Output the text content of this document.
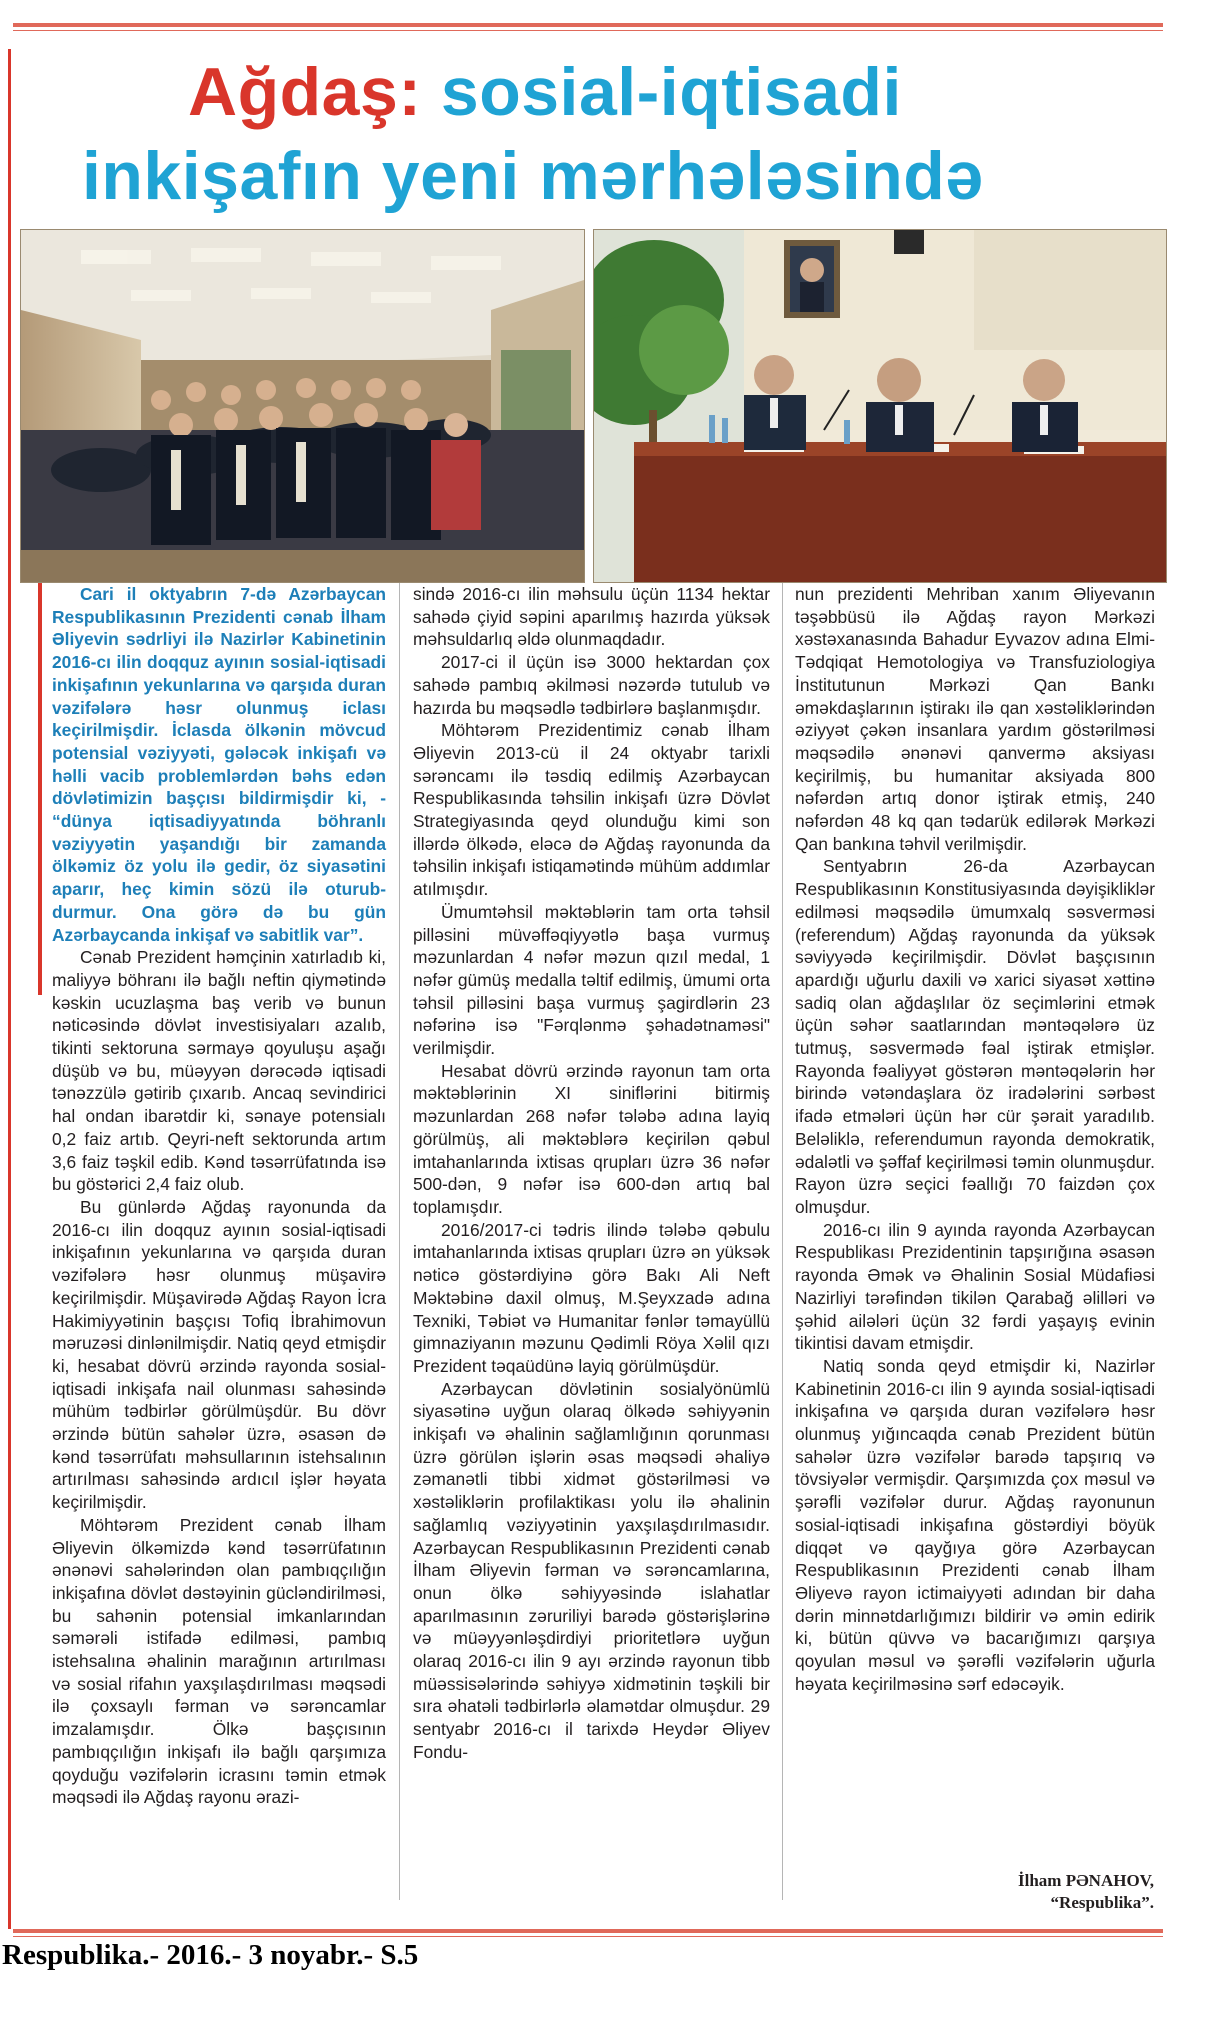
Ağdaş: sosial-iqtisadi
inkişafın yeni mərhələsində

Cari il oktyabrın 7-də Azərbaycan Respublikasının Prezidenti cənab İlham Əliyevin sədrliyi ilə Nazirlər Kabinetinin 2016-cı ilin doqquz ayının sosial-iqtisadi inkişafının yekunlarına və qarşıda duran vəzifələrə həsr olunmuş iclası keçirilmişdir. İclasda ölkənin mövcud potensial vəziyyəti, gələcək inkişafı və həlli vacib problemlərdən bəhs edən dövlətimizin başçısı bildirmişdir ki, - “dünya iqtisadiyyatında böhranlı vəziyyətin yaşandığı bir zamanda ölkəmiz öz yolu ilə gedir, öz siyasətini aparır, heç kimin sözü ilə oturub-durmur. Ona görə də bu gün Azərbaycanda inkişaf və sabitlik var”.

Cənab Prezident həmçinin xatırladıb ki, maliyyə böhranı ilə bağlı neftin qiymətində kəskin ucuzlaşma baş verib və bunun nəticəsində dövlət investisiyaları azalıb, tikinti sektoruna sərmayə qoyuluşu aşağı düşüb və bu, müəyyən dərəcədə iqtisadi tənəzzülə gətirib çıxarıb. Ancaq sevindirici hal ondan ibarətdir ki, sənaye potensialı 0,2 faiz artıb. Qeyri-neft sektorunda artım 3,6 faiz təşkil edib. Kənd təsərrüfatında isə bu göstərici 2,4 faiz olub.

Bu günlərdə Ağdaş rayonunda da 2016-cı ilin doqquz ayının sosial-iqtisadi inkişafının yekunlarına və qarşıda duran vəzifələrə həsr olunmuş müşavirə keçirilmişdir. Müşavirədə Ağdaş Rayon İcra Hakimiyyətinin başçısı Tofiq İbrahimovun məruzəsi dinlənilmişdir. Natiq qeyd etmişdir ki, hesabat dövrü ərzində rayonda sosial-iqtisadi inkişafa nail olunması sahəsində mühüm tədbirlər görülmüşdür. Bu dövr ərzində bütün sahələr üzrə, əsasən də kənd təsərrüfatı məhsullarının istehsalının artırılması sahəsində ardıcıl işlər həyata keçirilmişdir.

Möhtərəm Prezident cənab İlham Əliyevin ölkəmizdə kənd təsərrüfatının ənənəvi sahələrindən olan pambıqçılığın inkişafına dövlət dəstəyinin gücləndirilməsi, bu sahənin potensial imkanlarından səmərəli istifadə edilməsi, pambıq istehsalına əhalinin marağının artırılması və sosial rifahın yaxşılaşdırılması məqsədi ilə çoxsaylı fərman və sərəncamlar imzalamışdır. Ölkə başçısının pambıqçılığın inkişafı ilə bağlı qarşımıza qoyduğu vəzifələrin icrasını təmin etmək məqsədi ilə Ağdaş rayonu ərazi-

sində 2016-cı ilin məhsulu üçün 1134 hektar sahədə çiyid səpini aparılmış hazırda yüksək məhsuldarlıq əldə olunmaqdadır.

2017-ci il üçün isə 3000 hektardan çox sahədə pambıq əkilməsi nəzərdə tutulub və hazırda bu məqsədlə tədbirlərə başlanmışdır.

Möhtərəm Prezidentimiz cənab İlham Əliyevin 2013-cü il 24 oktyabr tarixli sərəncamı ilə təsdiq edilmiş Azərbaycan Respublikasında təhsilin inkişafı üzrə Dövlət Strategiyasında qeyd olunduğu kimi son illərdə ölkədə, eləcə də Ağdaş rayonunda da təhsilin inkişafı istiqamətində mühüm addımlar atılmışdır.

Ümumtəhsil məktəblərin tam orta təhsil pilləsini müvəffəqiyyətlə başa vurmuş məzunlardan 4 nəfər məzun qızıl medal, 1 nəfər gümüş medalla təltif edilmiş, ümumi orta təhsil pilləsini başa vurmuş şagirdlərin 23 nəfərinə isə "Fərqlənmə şəhadətnaməsi" verilmişdir.

Hesabat dövrü ərzində rayonun tam orta məktəblərinin XI siniflərini bitirmiş məzunlardan 268 nəfər tələbə adına layiq görülmüş, ali məktəblərə keçirilən qəbul imtahanlarında ixtisas qrupları üzrə 36 nəfər 500-dən, 9 nəfər isə 600-dən artıq bal toplamışdır.

2016/2017-ci tədris ilində tələbə qəbulu imtahanlarında ixtisas qrupları üzrə ən yüksək nəticə göstərdiyinə görə Bakı Ali Neft Məktəbinə daxil olmuş, M.Şeyxzadə adına Texniki, Təbiət və Humanitar fənlər təmayüllü gimnaziyanın məzunu Qədimli Röya Xəlil qızı Prezident təqaüdünə layiq görülmüşdür.

Azərbaycan dövlətinin sosialyönümlü siyasətinə uyğun olaraq ölkədə səhiyyənin inkişafı və əhalinin sağlamlığının qorunması üzrə görülən işlərin əsas məqsədi əhaliyə zəmanətli tibbi xidmət göstərilməsi və xəstəliklərin profilaktikası yolu ilə əhalinin sağlamlıq vəziyyətinin yaxşılaşdırılmasıdır. Azərbaycan Respublikasının Prezidenti cənab İlham Əliyevin fərman və sərəncamlarına, onun ölkə səhiyyəsində islahatlar aparılmasının zəruriliyi barədə göstərişlərinə və müəyyənləşdirdiyi prioritetlərə uyğun olaraq 2016-cı ilin 9 ayı ərzində rayonun tibb müəssisələrində səhiyyə xidmətinin təşkili bir sıra əhatəli tədbirlərlə əlamətdar olmuşdur. 29 sentyabr 2016-cı il tarixdə Heydər Əliyev Fondu-

nun prezidenti Mehriban xanım Əliyevanın təşəbbüsü ilə Ağdaş rayon Mərkəzi xəstəxanasında Bahadur Eyvazov adına Elmi-Tədqiqat Hemotologiya və Transfuziologiya İnstitutunun Mərkəzi Qan Bankı əməkdaşlarının iştirakı ilə qan xəstəliklərindən əziyyət çəkən insanlara yardım göstərilməsi məqsədilə ənənəvi qanvermə aksiyası keçirilmiş, bu humanitar aksiyada 800 nəfərdən artıq donor iştirak etmiş, 240 nəfərdən 48 kq qan tədarük edilərək Mərkəzi Qan bankına təhvil verilmişdir.

Sentyabrın 26-da Azərbaycan Respublikasının Konstitusiyasında dəyişikliklər edilməsi məqsədilə ümumxalq səsverməsi (referendum) Ağdaş rayonunda da yüksək səviyyədə keçirilmişdir. Dövlət başçısının apardığı uğurlu daxili və xarici siyasət xəttinə sadiq olan ağdaşlılar öz seçimlərini etmək üçün səhər saatlarından məntəqələrə üz tutmuş, səsvermədə fəal iştirak etmişlər. Rayonda fəaliyyət göstərən məntəqələrin hər birində vətəndaşlara öz iradələrini sərbəst ifadə etmələri üçün hər cür şərait yaradılıb. Beləliklə, referendumun rayonda demokratik, ədalətli və şəffaf keçirilməsi təmin olunmuşdur. Rayon üzrə seçici fəallığı 70 faizdən çox olmuşdur.

2016-cı ilin 9 ayında rayonda Azərbaycan Respublikası Prezidentinin tapşırığına əsasən rayonda Əmək və Əhalinin Sosial Müdafiəsi Nazirliyi tərəfindən tikilən Qarabağ əlilləri və şəhid ailələri üçün 32 fərdi yaşayış evinin tikintisi davam etmişdir.

Natiq sonda qeyd etmişdir ki, Nazirlər Kabinetinin 2016-cı ilin 9 ayında sosial-iqtisadi inkişafına və qarşıda duran vəzifələrə həsr olunmuş yığıncaqda cənab Prezident bütün sahələr üzrə vəzifələr barədə tapşırıq və tövsiyələr vermişdir. Qarşımızda çox məsul və şərəfli vəzifələr durur. Ağdaş rayonunun sosial-iqtisadi inkişafına göstərdiyi böyük diqqət və qayğıya görə Azərbaycan Respublikasının Prezidenti cənab İlham Əliyevə rayon ictimaiyyəti adından bir daha dərin minnətdarlığımızı bildirir və əmin edirik ki, bütün qüvvə və bacarığımızı qarşıya qoyulan məsul və şərəfli vəzifələrin uğurla həyata keçirilməsinə sərf edəcəyik.

İlham PƏNAHOV,
“Respublika”.
Respublika.- 2016.- 3 noyabr.- S.5
